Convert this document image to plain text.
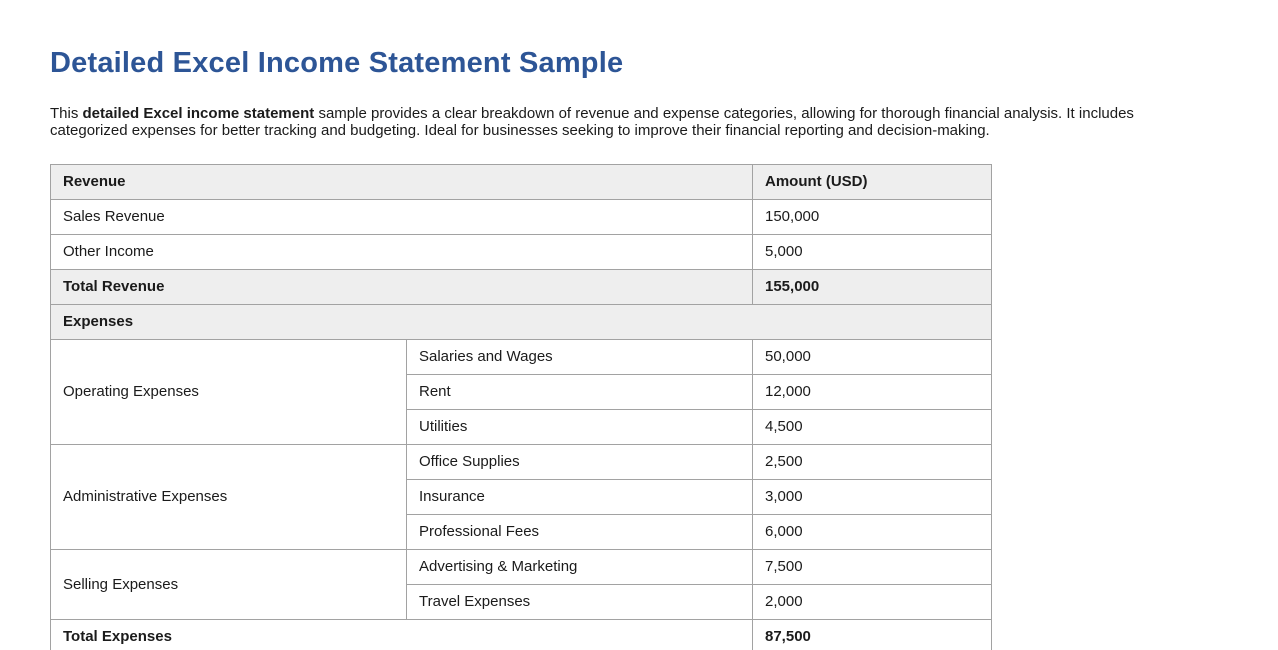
Detailed Excel Income Statement Sample

This detailed Excel income statement sample provides a clear breakdown of revenue and expense categories, allowing for thorough financial analysis. It includes categorized expenses for better tracking and budgeting. Ideal for businesses seeking to improve their financial reporting and decision-making.

Revenue		Amount (USD)
Sales Revenue		150,000
Other Income		5,000
Total Revenue		155,000
Expenses		
Operating Expenses	Salaries and Wages	50,000
	Rent	12,000
	Utilities	4,500
Administrative Expenses	Office Supplies	2,500
	Insurance	3,000
	Professional Fees	6,000
Selling Expenses	Advertising & Marketing	7,500
	Travel Expenses	2,000
Total Expenses		87,500
